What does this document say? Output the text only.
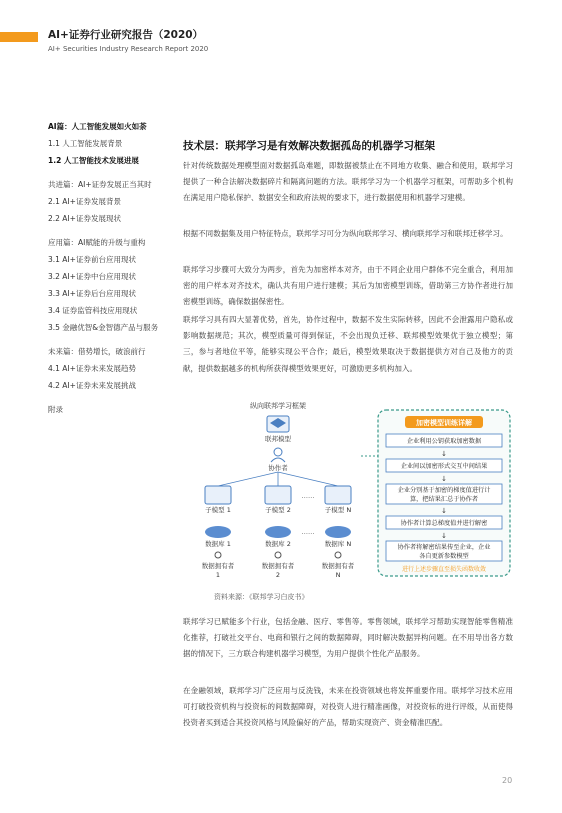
AI+证券行业研究报告（2020）
AI+ Securities Industry Research Report 2020
AI篇：人工智能发展如火如荼
1.1 人工智能发展背景
1.2 人工智能技术发展进展
共进篇：AI+证券发展正当其时
2.1 AI+证券发展背景
2.2 AI+证券发展现状
应用篇：AI赋能的升级与重构
3.1 AI+证券前台应用现状
3.2 AI+证券中台应用现状
3.3 AI+证券后台应用现状
3.4 证券监管科技应用现状
3.5 金融优智&金智德产品与服务
未来篇：借势增长，破浪前行
4.1 AI+证券未来发展趋势
4.2 AI+证券未来发展挑战
附录
技术层：联邦学习是有效解决数据孤岛的机器学习框架
针对传统数据处理模型面对数据孤岛难题，即数据被禁止在不同地方收集、融合和使用，联邦学习提供了一种合法解决数据碎片和隔离问题的方法。联邦学习为一个机器学习框架，可帮助多个机构在满足用户隐私保护、数据安全和政府法规的要求下，进行数据使用和机器学习建模。
根据不同数据集及用户特征特点，联邦学习可分为纵向联邦学习、横向联邦学习和联邦迁移学习。
联邦学习步骤可大致分为两步，首先为加密样本对齐，由于不同企业用户群体不完全重合，利用加密的用户样本对齐技术，确认共有用户进行建模；其后为加密模型训练，借助第三方协作者进行加密模型训练，确保数据保密性。
联邦学习具有四大显著优势，首先，协作过程中，数据不发生实际转移，因此不会泄露用户隐私或影响数据规范；其次，模型质量可得到保证，不会出现负迁移、联邦模型效果优于独立模型；第三，参与者地位平等，能够实现公平合作；最后，模型效果取决于数据提供方对自己及他方的贡献，提供数据越多的机构所获得模型效果更好，可激励更多机构加入。
纵向联邦学习框架
联邦模型
协作者
子模型 1	子模型 2
……
子模型 N
数据库 1	数据库 2
……
数据库 N
数据拥有者
1
数据拥有者
2
数据拥有者
N
加密模型训练详解
企业利用公钥获取加密数据
↓
企业间以加密形式交互中间结果
↓
企业分别基于加密的梯度值进行计
算，把结果汇总于协作者
↓
协作者计算总梯度值并进行解密
↓
协作者将解密结果传至企业，企业
各自更新参数模型
进行上述步骤直至损失函数收敛
资料来源：《联邦学习白皮书》
联邦学习已赋能多个行业，包括金融、医疗、零售等。零售领域，联邦学习帮助实现智能零售精准化推荐，打破社交平台、电商和银行之间的数据障碍，同时解决数据异构问题。在不用导出各方数据的情况下，三方联合构建机器学习模型，为用户提供个性化产品服务。
在金融领域，联邦学习广泛应用与反洗钱，未来在投资领域也将发挥重要作用。联邦学习技术应用可打破投资机构与投资标的间数据障碍，对投资人进行精准画像，对投资标的进行评级，从而使得投资者买到适合其投资风格与风险偏好的产品，帮助实现资产、资金精准匹配。
20
